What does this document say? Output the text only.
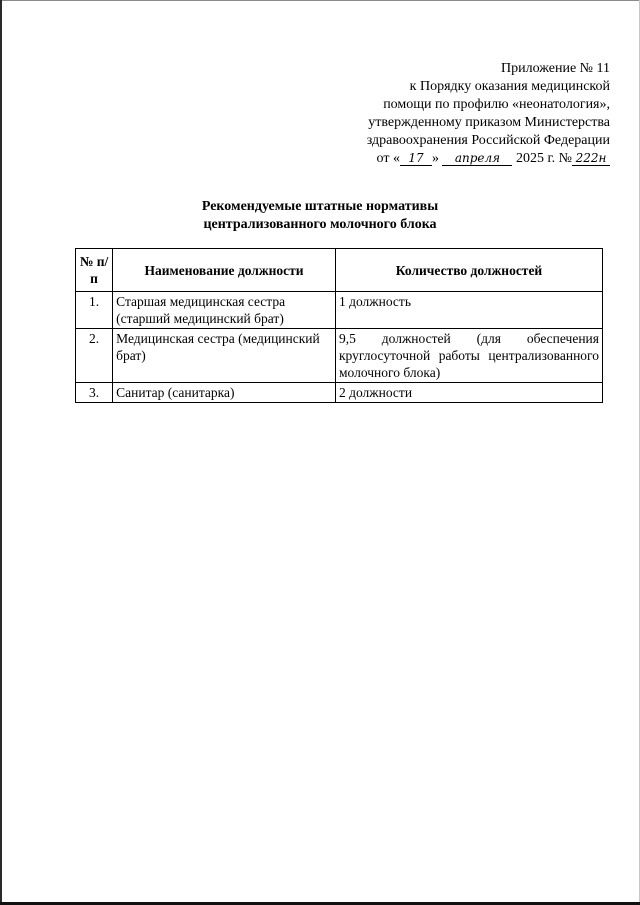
Приложение № 11
к Порядку оказания медицинской
помощи по профилю «неонатология»,
утвержденному приказом Министерства
здравоохранения Российской Федерации
от « 17 » апреля 2025 г. № 222н
Рекомендуемые штатные нормативы
централизованного молочного блока
№ п/п	Наименование должности	Количество должностей
1.	Старшая медицинская сестра (старший медицинский брат)	1 должность
2.	Медицинская сестра (медицинский брат)	9,5 должностей (для обеспечения круглосуточной работы централизованного молочного блока)
3.	Санитар (санитарка)	2 должности
